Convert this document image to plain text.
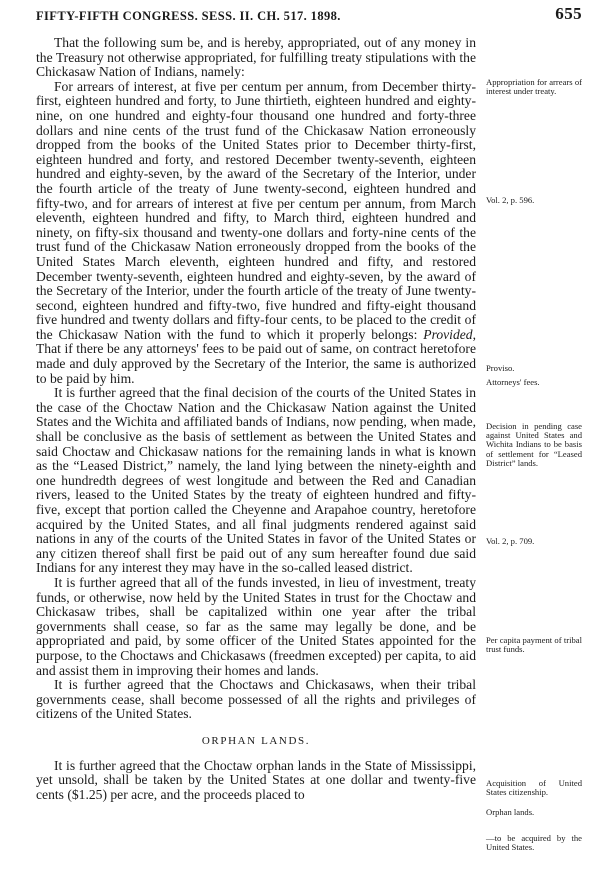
FIFTY-FIFTH CONGRESS. SESS. II. CH. 517. 1898.	655

That the following sum be, and is hereby, appropriated, out of any money in the Treasury not otherwise appropriated, for fulfilling treaty stipulations with the Chickasaw Nation of Indians, namely:

For arrears of interest, at five per centum per annum, from December thirty-first, eighteen hundred and forty, to June thirtieth, eighteen hundred and eighty-nine, on one hundred and eighty-four thousand one hundred and forty-three dollars and nine cents of the trust fund of the Chickasaw Nation erroneously dropped from the books of the United States prior to December thirty-first, eighteen hundred and forty, and restored December twenty-seventh, eighteen hundred and eighty-seven, by the award of the Secretary of the Interior, under the fourth article of the treaty of June twenty-second, eighteen hundred and fifty-two, and for arrears of interest at five per centum per annum, from March eleventh, eighteen hundred and fifty, to March third, eighteen hundred and ninety, on fifty-six thousand and twenty-one dollars and forty-nine cents of the trust fund of the Chickasaw Nation erroneously dropped from the books of the United States March eleventh, eighteen hundred and fifty, and restored December twenty-seventh, eighteen hundred and eighty-seven, by the award of the Secretary of the Interior, under the fourth article of the treaty of June twenty-second, eighteen hundred and fifty-two, five hundred and fifty-eight thousand five hundred and twenty dollars and fifty-four cents, to be placed to the credit of the Chickasaw Nation with the fund to which it properly belongs: Provided, That if there be any attorneys' fees to be paid out of same, on contract heretofore made and duly approved by the Secretary of the Interior, the same is authorized to be paid by him.

It is further agreed that the final decision of the courts of the United States in the case of the Choctaw Nation and the Chickasaw Nation against the United States and the Wichita and affiliated bands of Indians, now pending, when made, shall be conclusive as the basis of settlement as between the United States and said Choctaw and Chickasaw nations for the remaining lands in what is known as the “Leased District,” namely, the land lying between the ninety-eighth and one hundredth degrees of west longitude and between the Red and Canadian rivers, leased to the United States by the treaty of eighteen hundred and fifty-five, except that portion called the Cheyenne and Arapahoe country, heretofore acquired by the United States, and all final judgments rendered against said nations in any of the courts of the United States in favor of the United States or any citizen thereof shall first be paid out of any sum hereafter found due said Indians for any interest they may have in the so-called leased district.

It is further agreed that all of the funds invested, in lieu of investment, treaty funds, or otherwise, now held by the United States in trust for the Choctaw and Chickasaw tribes, shall be capitalized within one year after the tribal governments shall cease, so far as the same may legally be done, and be appropriated and paid, by some officer of the United States appointed for the purpose, to the Choctaws and Chickasaws (freedmen excepted) per capita, to aid and assist them in improving their homes and lands.

It is further agreed that the Choctaws and Chickasaws, when their tribal governments cease, shall become possessed of all the rights and privileges of citizens of the United States.

ORPHAN LANDS.

It is further agreed that the Choctaw orphan lands in the State of Mississippi, yet unsold, shall be taken by the United States at one dollar and twenty-five cents ($1.25) per acre, and the proceeds placed to

Appropriation for arrears of interest under treaty.
Vol. 2, p. 596.
Proviso.
Attorneys' fees.
Decision in pending case against United States and Wichita Indians to be basis of settlement for “Leased District” lands.
Vol. 2, p. 709.
Per capita payment of tribal trust funds.
Acquisition of United States citizenship.
Orphan lands.
—to be acquired by the United States.
